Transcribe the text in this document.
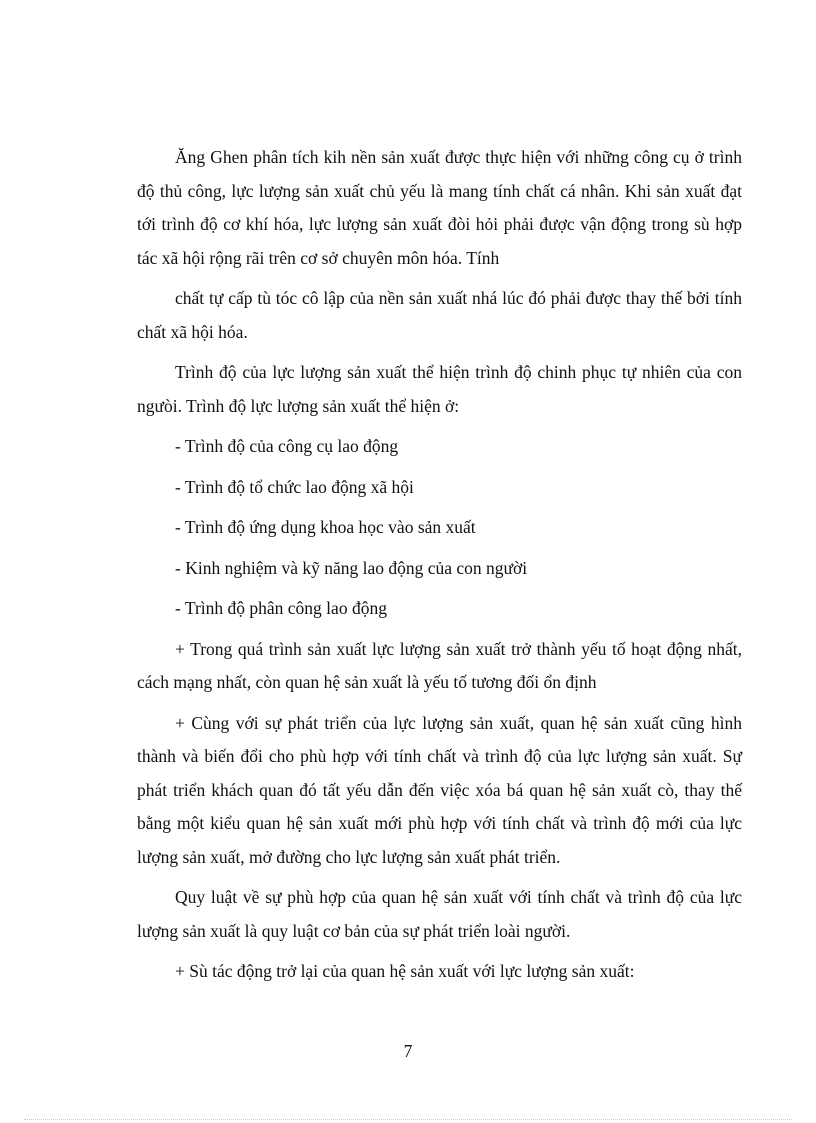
Ăng Ghen phân tích kih nền sản xuất được thực hiện với những công cụ ở trình độ thủ công, lực lượng sản xuất chủ yếu là mang tính chất cá nhân. Khi sản xuất đạt tới trình độ cơ khí hóa, lực lượng sản xuất đòi hỏi phải được vận động trong sù hợp tác xã hội rộng rãi trên cơ sở chuyên môn hóa. Tính

chất tự cấp tù tóc cô lập của nền sản xuất nhá lúc đó phải được thay thế bởi tính chất xã hội hóa.

Trình độ của lực lượng sản xuất thể hiện trình độ chinh phục tự nhiên của con ngưòi. Trình độ lực lượng sản xuất thể hiện ở:

- Trình độ của công cụ lao động

- Trình độ tổ chức lao động xã hội

- Trình độ ứng dụng khoa học vào sản xuất

- Kinh nghiệm và kỹ năng lao động của con người

- Trình độ phân công lao động

+ Trong quá trình sản xuất lực lượng sản xuất trở thành yếu tố hoạt động nhất, cách mạng nhất, còn quan hệ sản xuất là yếu tố tương đối ổn định

+ Cùng với sự phát triển của lực lượng sản xuất, quan hệ sản xuất cũng hình thành và biến đổi cho phù hợp với tính chất và trình độ của lực lượng sản xuất. Sự phát triển khách quan đó tất yếu dẫn đến việc xóa bá quan hệ sản xuất cò, thay thế bằng một kiểu quan hệ sản xuất mới phù hợp với tính chất và trình độ mới của lực lượng sản xuất, mở đường cho lực lượng sản xuất phát triển.

Quy luật về sự phù hợp của quan hệ sản xuất với tính chất và trình độ của lực lượng sản xuất là quy luật cơ bản của sự phát triển loài người.

+ Sù tác động trở lại của quan hệ sản xuất với lực lượng sản xuất:

7
